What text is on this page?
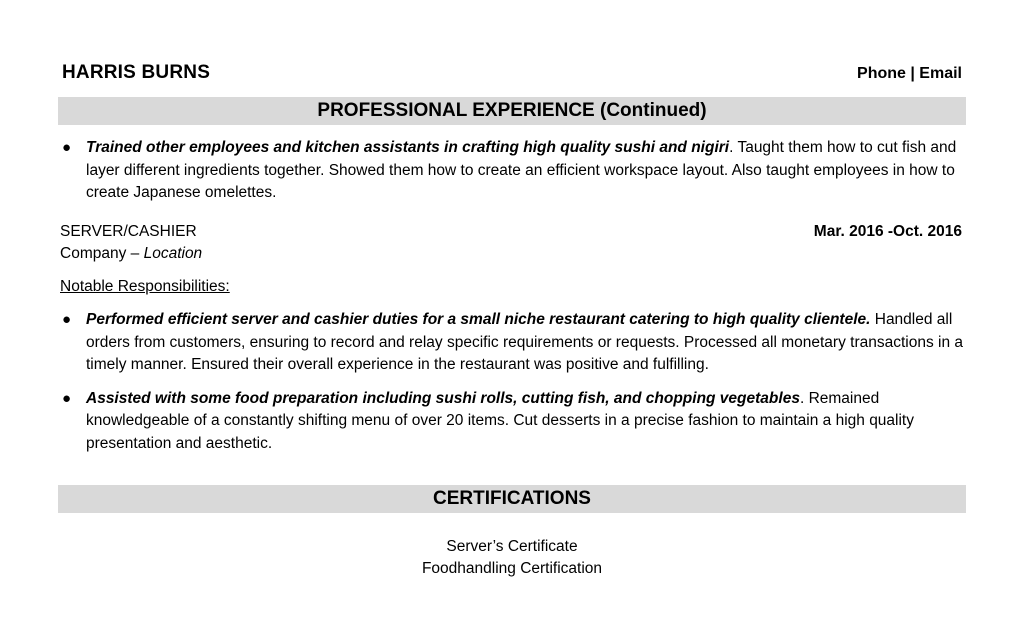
HARRIS BURNS	Phone | Email
PROFESSIONAL EXPERIENCE (Continued)
● Trained other employees and kitchen assistants in crafting high quality sushi and nigiri. Taught them how to cut fish and layer different ingredients together. Showed them how to create an efficient workspace layout. Also taught employees in how to create Japanese omelettes.
SERVER/CASHIER	Mar. 2016 -Oct. 2016
Company – Location
Notable Responsibilities:
● Performed efficient server and cashier duties for a small niche restaurant catering to high quality clientele. Handled all orders from customers, ensuring to record and relay specific requirements or requests. Processed all monetary transactions in a timely manner. Ensured their overall experience in the restaurant was positive and fulfilling.
● Assisted with some food preparation including sushi rolls, cutting fish, and chopping vegetables. Remained knowledgeable of a constantly shifting menu of over 20 items. Cut desserts in a precise fashion to maintain a high quality presentation and aesthetic.
CERTIFICATIONS
Server’s Certificate
Foodhandling Certification
